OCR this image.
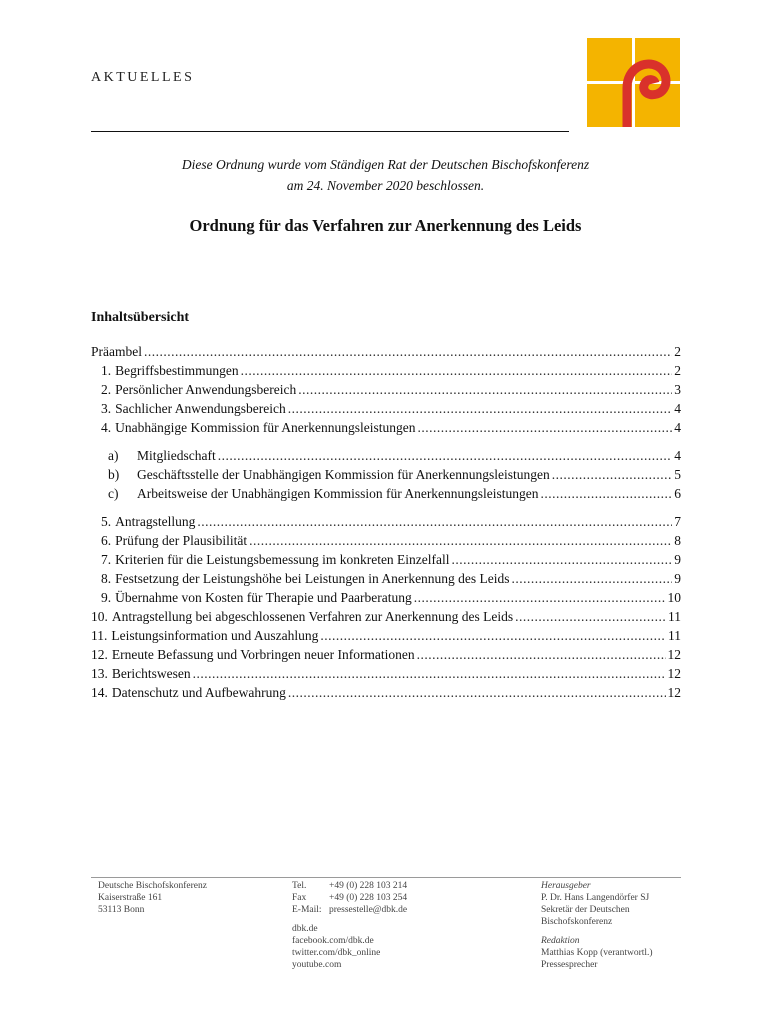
AKTUELLES
Diese Ordnung wurde vom Ständigen Rat der Deutschen Bischofskonferenz
am 24. November 2020 beschlossen.
Ordnung für das Verfahren zur Anerkennung des Leids
Inhaltsübersicht
Präambel .....	2
1. Begriffsbestimmungen .....	2
2. Persönlicher Anwendungsbereich .....	3
3. Sachlicher Anwendungsbereich .....	4
4. Unabhängige Kommission für Anerkennungsleistungen .....	4
a)	Mitgliedschaft .....	4
b)	Geschäftsstelle der Unabhängigen Kommission für Anerkennungsleistungen .....	5
c)	Arbeitsweise der Unabhängigen Kommission für Anerkennungsleistungen .....	6
5. Antragstellung .....	7
6. Prüfung der Plausibilität .....	8
7. Kriterien für die Leistungsbemessung im konkreten Einzelfall .....	9
8. Festsetzung der Leistungshöhe bei Leistungen in Anerkennung des Leids .....	9
9. Übernahme von Kosten für Therapie und Paarberatung .....	10
10. Antragstellung bei abgeschlossenen Verfahren zur Anerkennung des Leids .....	11
11. Leistungsinformation und Auszahlung .....	11
12. Erneute Befassung und Vorbringen neuer Informationen .....	12
13. Berichtswesen .....	12
14. Datenschutz und Aufbewahrung .....	12
Deutsche Bischofskonferenz
Kaiserstraße 161
53113 Bonn
Tel. +49 (0) 228 103 214
Fax +49 (0) 228 103 254
E-Mail: pressestelle@dbk.de
dbk.de
facebook.com/dbk.de
twitter.com/dbk_online
youtube.com
Herausgeber
P. Dr. Hans Langendörfer SJ
Sekretär der Deutschen
Bischofskonferenz
Redaktion
Matthias Kopp (verantwortl.)
Pressesprecher
